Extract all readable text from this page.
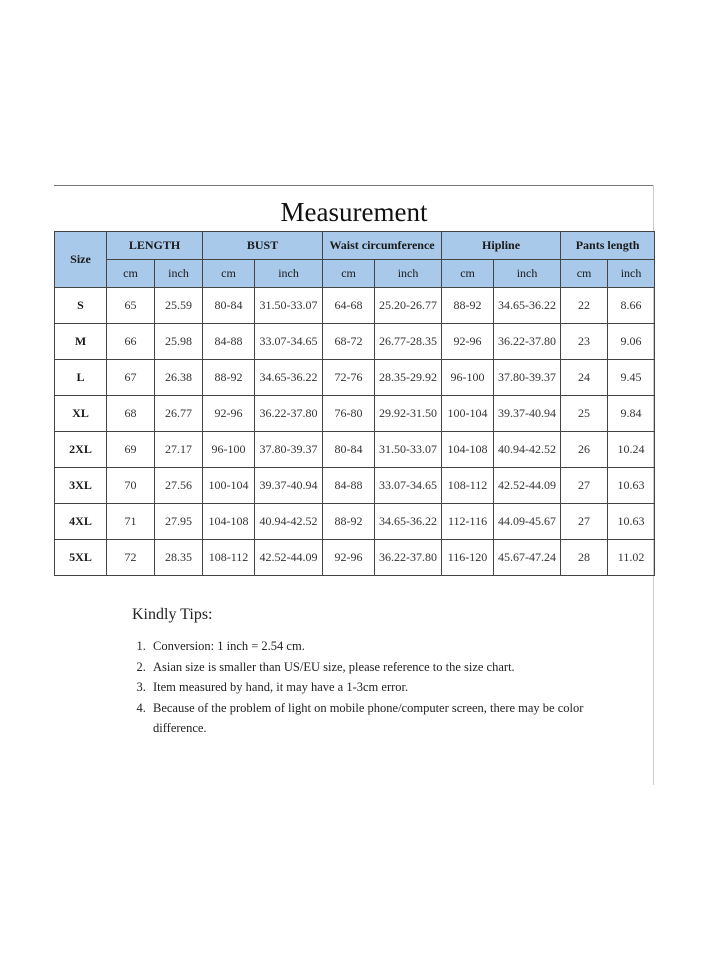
Measurement
Size	LENGTH		BUST		Waist circumference		Hipline		Pants length	
	cm	inch	cm	inch	cm	inch	cm	inch	cm	inch
S	65	25.59	80-84	31.50-33.07	64-68	25.20-26.77	88-92	34.65-36.22	22	8.66
M	66	25.98	84-88	33.07-34.65	68-72	26.77-28.35	92-96	36.22-37.80	23	9.06
L	67	26.38	88-92	34.65-36.22	72-76	28.35-29.92	96-100	37.80-39.37	24	9.45
XL	68	26.77	92-96	36.22-37.80	76-80	29.92-31.50	100-104	39.37-40.94	25	9.84
2XL	69	27.17	96-100	37.80-39.37	80-84	31.50-33.07	104-108	40.94-42.52	26	10.24
3XL	70	27.56	100-104	39.37-40.94	84-88	33.07-34.65	108-112	42.52-44.09	27	10.63
4XL	71	27.95	104-108	40.94-42.52	88-92	34.65-36.22	112-116	44.09-45.67	27	10.63
5XL	72	28.35	108-112	42.52-44.09	92-96	36.22-37.80	116-120	45.67-47.24	28	11.02
Kindly Tips:
1. Conversion: 1 inch = 2.54 cm.
2. Asian size is smaller than US/EU size, please reference to the size chart.
3. Item measured by hand, it may have a 1-3cm error.
4. Because of the problem of light on mobile phone/computer screen, there may be color difference.
